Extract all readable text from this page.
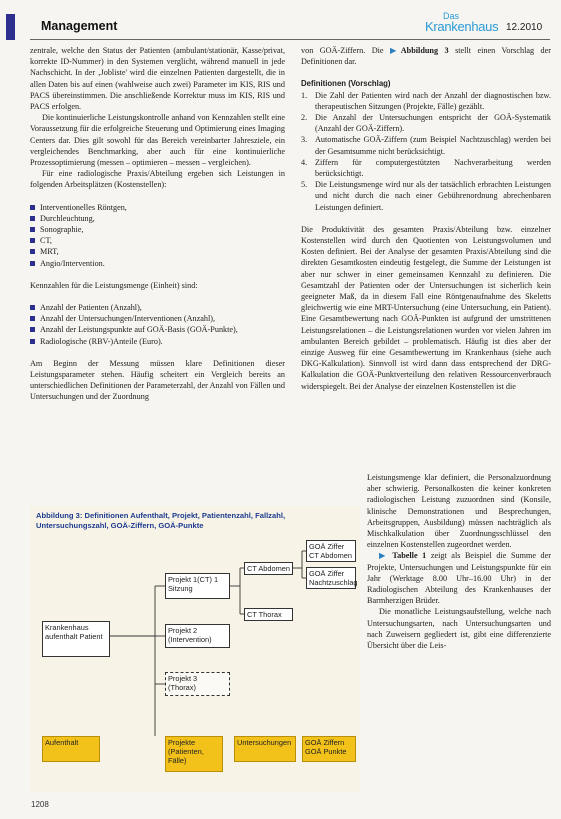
Management
Das
Krankenhaus 12.2010

zentrale, welche den Status der Patienten (ambulant/stationär, Kasse/privat, korrekte ID-Nummer) in den Systemen verglicht, während manuell in jede Nachschicht. In der ‚Jobliste' wird die einzelnen Patienten dargestellt, die in allen Daten bis auf einen (wahlweise auch zwei) Parameter im KIS, RIS und PACS übereinstimmen. Die anschließende Korrektur muss im KIS, RIS und PACS erfolgen.

Die kontinuierliche Leistungskontrolle anhand von Kennzahlen stellt eine Voraussetzung für die erfolgreiche Steuerung und Optimierung eines Imaging Centers dar. Dies gilt sowohl für das Bereich vereinbarter Jahresziele, ein vergleichendes Benchmarking, aber auch für eine kontinuierliche Prozessoptimierung (messen – optimieren – messen – vergleichen).

Für eine radiologische Praxis/Abteilung ergeben sich Leistungen in folgenden Arbeitsplätzen (Kostenstellen):

Interventionelles Röntgen,
Durchleuchtung,
Sonographie,
CT,
MRT,
Angio/Intervention.

Kennzahlen für die Leistungsmenge (Einheit) sind:

Anzahl der Patienten (Anzahl),
Anzahl der Untersuchungen/Interventionen (Anzahl),
Anzahl der Leistungspunkte auf GOÄ-Basis (GOÄ-Punkte),
Radiologische (RBV-)Anteile (Euro).

Am Beginn der Messung müssen klare Definitionen dieser Leistungsparameter stehen. Häufig scheitert ein Vergleich bereits an unterschiedlichen Definitionen der Parameterzahl, der Anzahl von Fällen und Untersuchungen und der Zuordnung

von GOÄ-Ziffern. Die ▶Abbildung 3 stellt einen Vorschlag der Definitionen dar.

Definitionen (Vorschlag)

1. Die Zahl der Patienten wird nach der Anzahl der diagnostischen bzw. therapeutischen Sitzungen (Projekte, Fälle) gezählt.
2. Die Anzahl der Untersuchungen entspricht der GOÄ-Systematik (Anzahl der GOÄ-Ziffern).
3. Automatische GOÄ-Ziffern (zum Beispiel Nachtzuschlag) werden bei der Gesamtsumme nicht berücksichtigt.
4. Ziffern für computergestützten Nachverarbeitung werden berücksichtigt.
5. Die Leistungsmenge wird nur als der tatsächlich erbrachten Leistungen und nicht durch die nach einer Gebührenordnung abrechenbaren Leistungen definiert.

Die Produktivität des gesamten Praxis/Abteilung bzw. einzelner Kostenstellen wird durch den Quotienten von Leistungsvolumen und Kosten definiert. Bei der Analyse der gesamten Praxis/Abteilung sind die direkten Gesamtkosten eindeutig festgelegt, die Summe der Leistungen ist aber nur schwer in einer gemeinsamen Kennzahl zu definieren. Die Gesamtzahl der Patienten oder der Untersuchungen ist sicherlich kein geeigneter Maß, da in diesem Fall eine Röntgenaufnahme des Skeletts gleichwertig wie eine MRT-Untersuchung (eine Untersuchung, ein Patient). Eine Gesamtbewertung nach GOÄ-Punkten ist aufgrund der umstrittenen Leistungsrelationen – die Leistungsrelationen wurden vor vielen Jahren im ambulanten Bereich gebildet – problematisch. Häufig ist dies aber der einzige Ausweg für eine Gesamtbewertung im Krankenhaus (siehe auch DKG-Kalkulation). Sinnvoll ist wird dann dass entsprechend der DRG-Kalkulation die GOÄ-Punktverteilung den relativen Ressourcenverbrauch widerspiegelt. Bei der Analyse der einzelnen Kostenstellen ist die

Leistungsmenge klar definiert, die Personalzuordnung aber schwierig. Personalkosten die keiner konkreten radiologischen Leistung zuzuordnen sind (Konsile, klinische Demonstrationen und Besprechungen, Arbeitsgruppen, Ausbildung) müssen nachträglich als Mischkalkulation über Zuordnungsschlüssel den einzelnen Kostenstellen zugeordnet werden.

▶ Tabelle 1 zeigt als Beispiel die Summe der Projekte, Untersuchungen und Leistungspunkte für ein Jahr (Werktage 8.00 Uhr–16.00 Uhr) in der Radiologischen Abteilung des Krankenhauses der Barmherzigen Brüder.

Die monatliche Leistungsaufstellung, welche nach Untersuchungsarten, nach Untersuchungsarten und nach Zuweisern gegliedert ist, gibt eine differenzierte Übersicht über die Leis-

Abbildung 3: Definitionen Aufenthalt, Projekt, Patientenzahl, Fallzahl, Untersuchungszahl, GOÄ-Ziffern, GOÄ-Punkte
Krankenhaus aufenthalt Patient
Projekt 1(CT) 1 Sitzung
Projekt 2 (Intervention)
Projekt 3 (Thorax)
CT Abdomen
CT Thorax
GOÄ Ziffer CT Abdomen
GOÄ Ziffer Nachtzuschlag
Aufenthalt	Projekte (Patienten, Fälle)
Untersuchungen	GOÄ Ziffern GOÄ Punkte
1208
